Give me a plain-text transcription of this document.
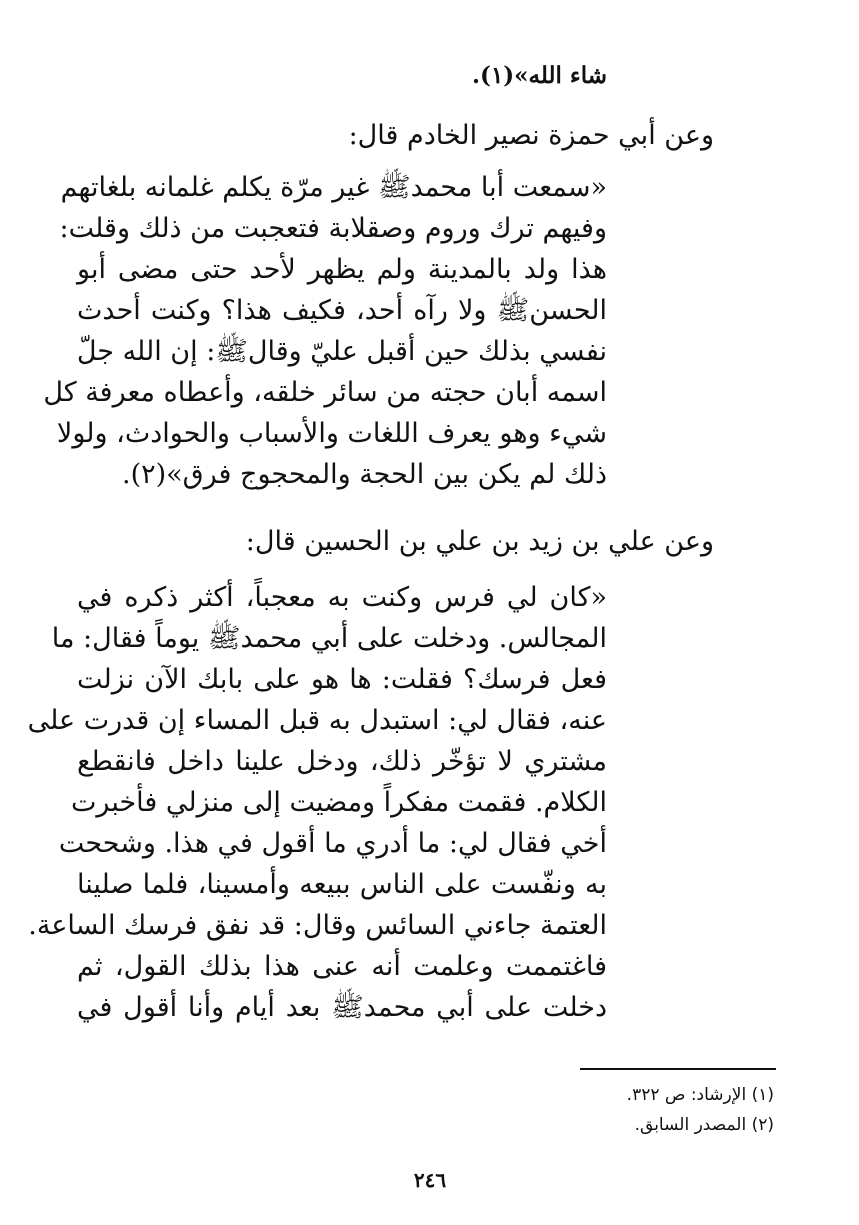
شاء الله»(١).
وعن أبي حمزة نصير الخادم قال:
«سمعت أبا محمدﷺ غير مرّة يكلم غلمانه بلغاتهم
وفيهم ترك وروم وصقلابة فتعجبت من ذلك وقلت:
هذا ولد بالمدينة ولم يظهر لأحد حتى مضى أبو
الحسنﷺ ولا رآه أحد، فكيف هذا؟ وكنت أحدث
نفسي بذلك حين أقبل عليّ وقالﷺ: إن الله جلّ
اسمه أبان حجته من سائر خلقه، وأعطاه معرفة كل
شيء وهو يعرف اللغات والأسباب والحوادث، ولولا
ذلك لم يكن بين الحجة والمحجوج فرق»(٢).
وعن علي بن زيد بن علي بن الحسين قال:
«كان لي فرس وكنت به معجباً، أكثر ذكره في
المجالس. ودخلت على أبي محمدﷺ يوماً فقال: ما
فعل فرسك؟ فقلت: ها هو على بابك الآن نزلت
عنه، فقال لي: استبدل به قبل المساء إن قدرت على
مشتري لا تؤخّر ذلك، ودخل علينا داخل فانقطع
الكلام. فقمت مفكراً ومضيت إلى منزلي فأخبرت
أخي فقال لي: ما أدري ما أقول في هذا. وشححت
به ونفّست على الناس ببيعه وأمسينا، فلما صلينا
العتمة جاءني السائس وقال: قد نفق فرسك الساعة.
فاغتممت وعلمت أنه عنى هذا بذلك القول، ثم
دخلت على أبي محمدﷺ بعد أيام وأنا أقول في
(١) الإرشاد: ص ٣٢٢.
(٢) المصدر السابق.
٢٤٦
